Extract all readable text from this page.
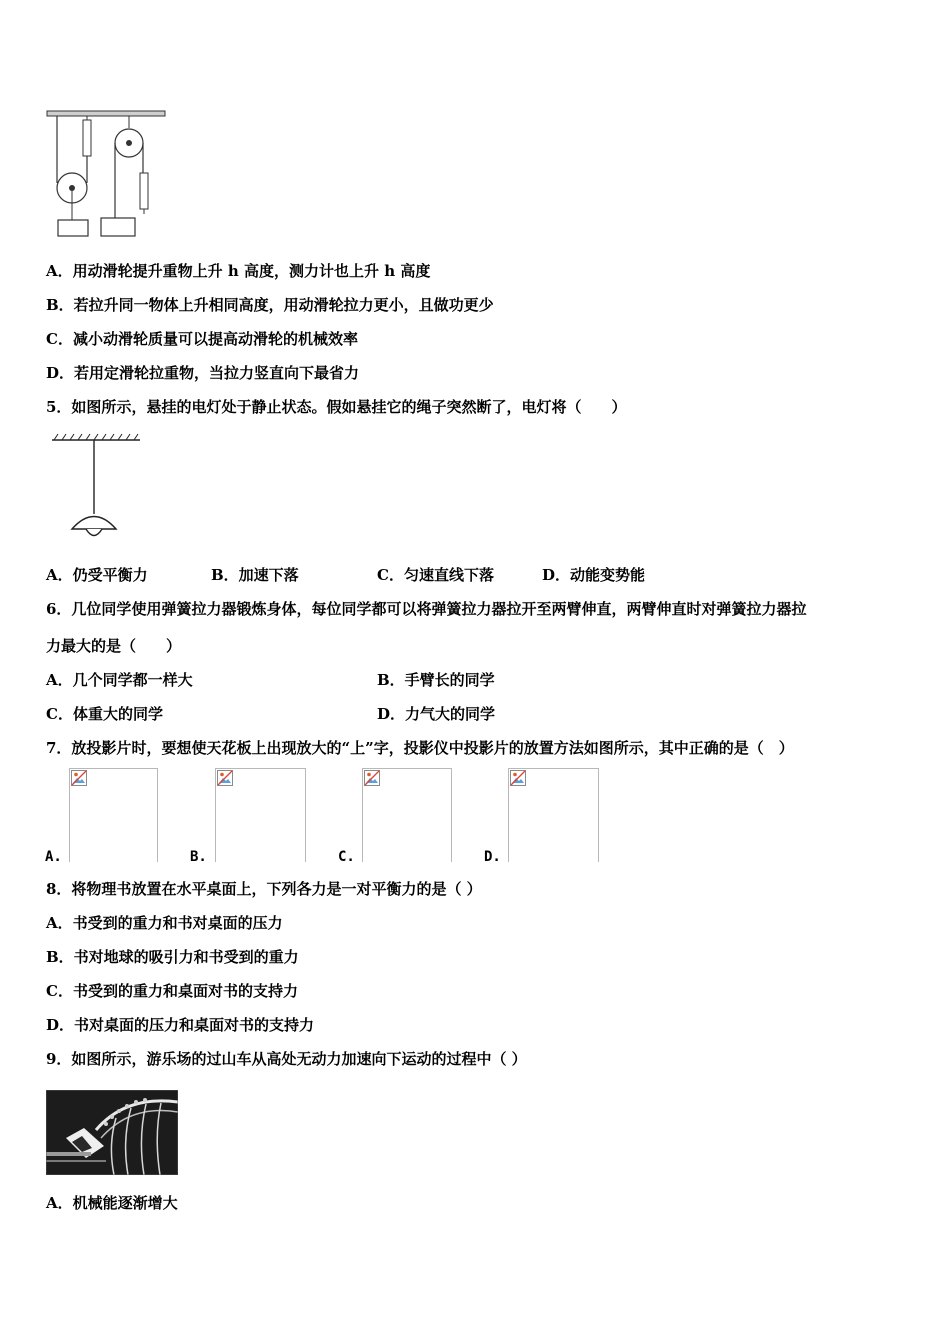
A．用动滑轮提升重物上升 h 高度，测力计也上升 h 高度
B．若拉升同一物体上升相同高度，用动滑轮拉力更小，且做功更少
C．减小动滑轮质量可以提高动滑轮的机械效率
D．若用定滑轮拉重物，当拉力竖直向下最省力
5．如图所示，悬挂的电灯处于静止状态。假如悬挂它的绳子突然断了，电灯将（　　）
A．仍受平衡力	B．加速下落	C．匀速直线下落	D．动能变势能
6．几位同学使用弹簧拉力器锻炼身体，每位同学都可以将弹簧拉力器拉开至两臂伸直，两臂伸直时对弹簧拉力器拉
力最大的是（　　）
A．几个同学都一样大	B．手臂长的同学
C．体重大的同学	D．力气大的同学
7．放投影片时，要想使天花板上出现放大的“上”字，投影仪中投影片的放置方法如图所示，其中正确的是（　）
A.	B.	C.	D.
8．将物理书放置在水平桌面上，下列各力是一对平衡力的是（ ）
A．书受到的重力和书对桌面的压力
B．书对地球的吸引力和书受到的重力
C．书受到的重力和桌面对书的支持力
D．书对桌面的压力和桌面对书的支持力
9．如图所示，游乐场的过山车从高处无动力加速向下运动的过程中（ ）
A．机械能逐渐增大
